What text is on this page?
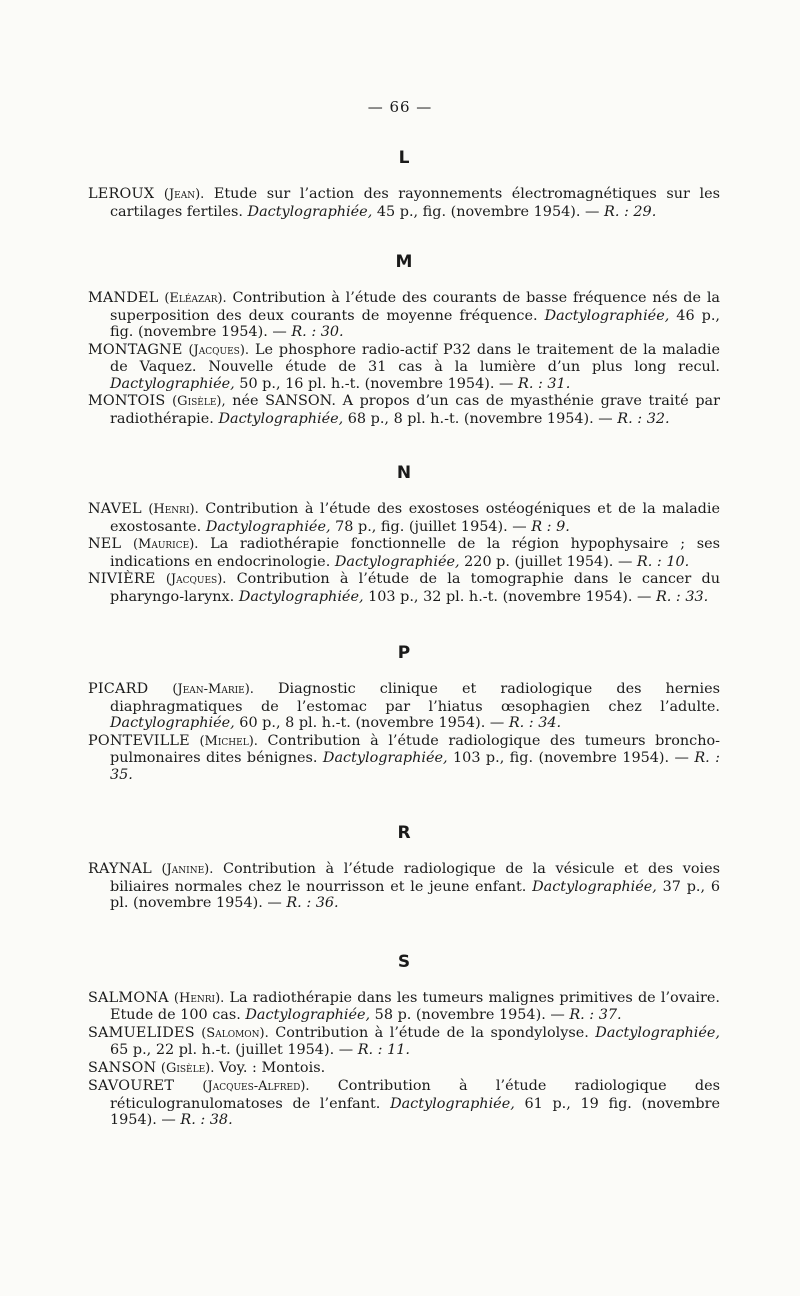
— 66 —
L

LEROUX (Jean). Etude sur l’action des rayonnements électromagnétiques sur les cartilages fertiles. Dactylographiée, 45 p., fig. (novembre 1954). — R. : 29.

M

MANDEL (Eléazar). Contribution à l’étude des courants de basse fréquence nés de la superposition des deux courants de moyenne fréquence. Dactylographiée, 46 p., fig. (novembre 1954). — R. : 30.

MONTAGNE (Jacques). Le phosphore radio-actif P32 dans le traitement de la maladie de Vaquez. Nouvelle étude de 31 cas à la lumière d’un plus long recul. Dactylographiée, 50 p., 16 pl. h.-t. (novembre 1954). — R. : 31.

MONTOIS (Gisèle), née SANSON. A propos d’un cas de myasthénie grave traité par radiothérapie. Dactylographiée, 68 p., 8 pl. h.-t. (novembre 1954). — R. : 32.

N

NAVEL (Henri). Contribution à l’étude des exostoses ostéogéniques et de la maladie exostosante. Dactylographiée, 78 p., fig. (juillet 1954). — R : 9.

NEL (Maurice). La radiothérapie fonctionnelle de la région hypophysaire ; ses indications en endocrinologie. Dactylographiée, 220 p. (juillet 1954). — R. : 10.

NIVIÈRE (Jacques). Contribution à l’étude de la tomographie dans le cancer du pharyngo-larynx. Dactylographiée, 103 p., 32 pl. h.-t. (novembre 1954). — R. : 33.

P

PICARD (Jean-Marie). Diagnostic clinique et radiologique des hernies diaphragmatiques de l’estomac par l’hiatus œsophagien chez l’adulte. Dactylographiée, 60 p., 8 pl. h.-t. (novembre 1954). — R. : 34.

PONTEVILLE (Michel). Contribution à l’étude radiologique des tumeurs broncho-pulmonaires dites bénignes. Dactylographiée, 103 p., fig. (novembre 1954). — R. : 35.

R

RAYNAL (Janine). Contribution à l’étude radiologique de la vésicule et des voies biliaires normales chez le nourrisson et le jeune enfant. Dactylographiée, 37 p., 6 pl. (novembre 1954). — R. : 36.

S

SALMONA (Henri). La radiothérapie dans les tumeurs malignes primitives de l’ovaire. Etude de 100 cas. Dactylographiée, 58 p. (novembre 1954). — R. : 37.

SAMUELIDES (Salomon). Contribution à l’étude de la spondylolyse. Dactylographiée, 65 p., 22 pl. h.-t. (juillet 1954). — R. : 11.

SANSON (Gisèle). Voy. : Montois.

SAVOURET (Jacques-Alfred). Contribution à l’étude radiologique des réticulogranulomatoses de l’enfant. Dactylographiée, 61 p., 19 fig. (novembre 1954). — R. : 38.
